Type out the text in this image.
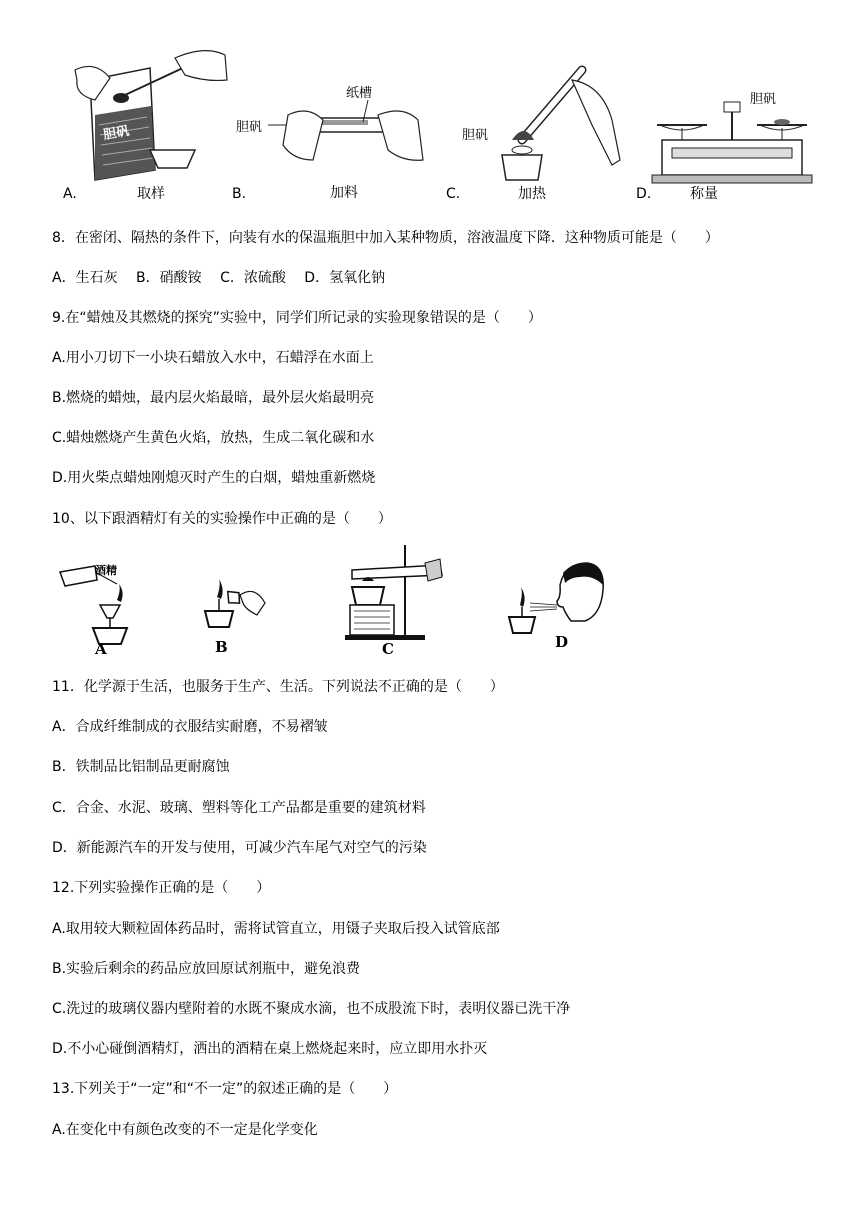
胆矾
A.	取样
胆矾
纸槽
B.	加料
胆矾
C.	加热
胆矾
D.	称量
8．在密闭、隔热的条件下，向装有水的保温瓶胆中加入某种物质，溶液温度下降．这种物质可能是（　　）
A．生石灰　 B．硝酸铵　 C．浓硫酸　 D．氢氧化钠
9.在“蜡烛及其燃烧的探究”实验中，同学们所记录的实验现象错误的是（　　）
A.用小刀切下一小块石蜡放入水中，石蜡浮在水面上
B.燃烧的蜡烛，最内层火焰最暗，最外层火焰最明亮
C.蜡烛燃烧产生黄色火焰，放热，生成二氧化碳和水
D.用火柴点蜡烛刚熄灭时产生的白烟，蜡烛重新燃烧
10、以下跟酒精灯有关的实验操作中正确的是（　　）
酒精
A	B	C	D
11．化学源于生活，也服务于生产、生活。下列说法不正确的是（　　）
A．合成纤维制成的衣服结实耐磨，不易褶皱
B．铁制品比铝制品更耐腐蚀
C．合金、水泥、玻璃、塑料等化工产品都是重要的建筑材料
D．新能源汽车的开发与使用，可减少汽车尾气对空气的污染
12.下列实验操作正确的是（　　）
A.取用较大颗粒固体药品时，需将试管直立，用镊子夹取后投入试管底部
B.实验后剩余的药品应放回原试剂瓶中，避免浪费
C.洗过的玻璃仪器内壁附着的水既不聚成水滴，也不成股流下时，表明仪器已洗干净
D.不小心碰倒酒精灯，洒出的酒精在桌上燃烧起来时，应立即用水扑灭
13.下列关于“一定”和“不一定”的叙述正确的是（　　）
A.在变化中有颜色改变的不一定是化学变化
